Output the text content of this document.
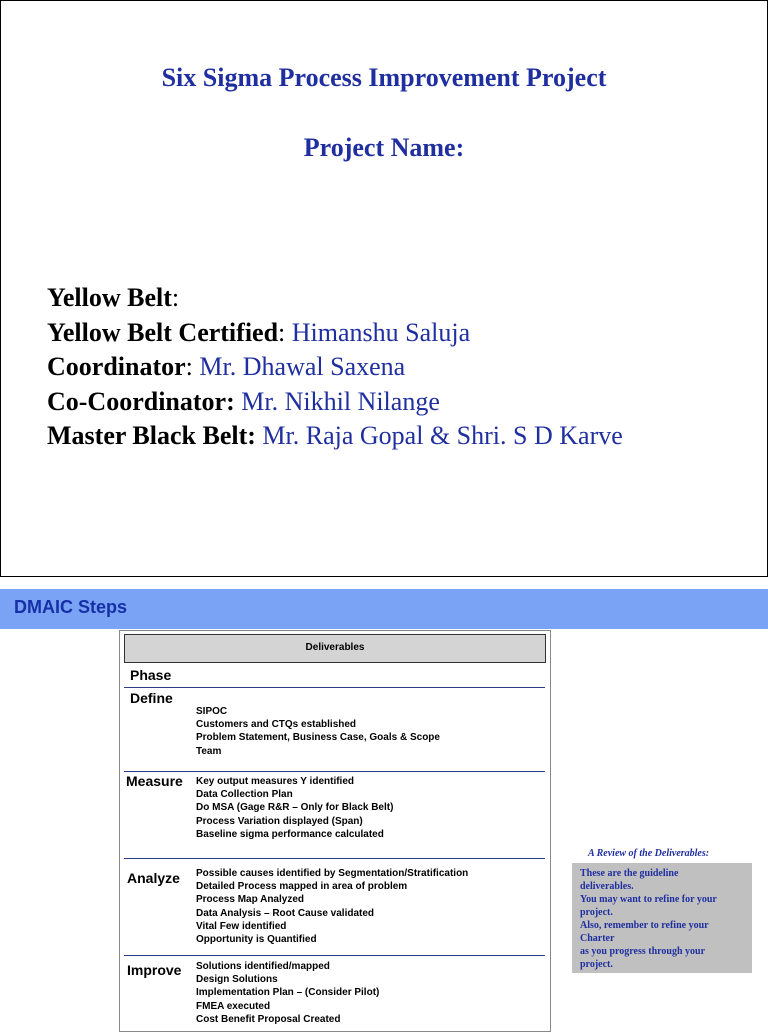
Six Sigma Process Improvement Project
Project Name:
Yellow Belt:
Yellow Belt Certified: Himanshu Saluja
Coordinator: Mr. Dhawal Saxena
Co-Coordinator: Mr. Nikhil Nilange
Master Black Belt: Mr. Raja Gopal & Shri. S D Karve
DMAIC Steps
Deliverables
Phase
Define
SIPOC
Customers and CTQs established
Problem Statement, Business Case, Goals & Scope
Team
Measure Key output measures Y identified
Data Collection Plan
Do MSA (Gage R&R – Only for Black Belt)
Process Variation displayed (Span)
Baseline sigma performance calculated
Analyze Possible causes identified by Segmentation/Stratification
Detailed Process mapped in area of problem
Process Map Analyzed
Data Analysis – Root Cause validated
Vital Few identified
Opportunity is Quantified
Improve Solutions identified/mapped
Design Solutions
Implementation Plan – (Consider Pilot)
FMEA executed
Cost Benefit Proposal Created
A Review of the Deliverables:
These are the guideline
deliverables.
You may want to refine for your
project.
Also, remember to refine your
Charter
as you progress through your
project.
